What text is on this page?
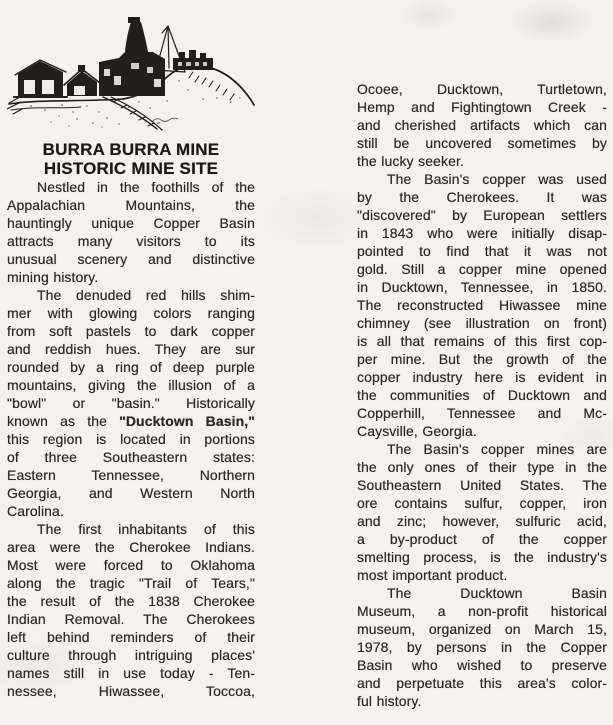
BURRA BURRA MINE
HISTORIC MINE SITE
Nestled in the foothills of the
Appalachian Mountains, the
hauntingly unique Copper Basin
attracts many visitors to its
unusual scenery and distinctive
mining history.
The denuded red hills shim-
mer with glowing colors ranging
from soft pastels to dark copper
and reddish hues. They are sur
rounded by a ring of deep purple
mountains, giving the illusion of a
"bowl" or "basin." Historically
known as the "Ducktown Basin,"
this region is located in portions
of three Southeastern states:
Eastern Tennessee, Northern
Georgia, and Western North
Carolina.
The first inhabitants of this
area were the Cherokee Indians.
Most were forced to Oklahoma
along the tragic "Trail of Tears,"
the result of the 1838 Cherokee
Indian Removal. The Cherokees
left behind reminders of their
culture through intriguing places'
names still in use today - Ten-
nessee, Hiwassee, Toccoa,
Ocoee, Ducktown, Turtletown,
Hemp and Fightingtown Creek -
and cherished artifacts which can
still be uncovered sometimes by
the lucky seeker.
The Basin's copper was used
by the Cherokees. It was
"discovered" by European settlers
in 1843 who were initially disap-
pointed to find that it was not
gold. Still a copper mine opened
in Ducktown, Tennessee, in 1850.
The reconstructed Hiwassee mine
chimney (see illustration on front)
is all that remains of this first cop-
per mine. But the growth of the
copper industry here is evident in
the communities of Ducktown and
Copperhill, Tennessee and Mc-
Caysville, Georgia.
The Basin's copper mines are
the only ones of their type in the
Southeastern United States. The
ore contains sulfur, copper, iron
and zinc; however, sulfuric acid,
a by-product of the copper
smelting process, is the industry's
most important product.
The Ducktown Basin
Museum, a non-profit historical
museum, organized on March 15,
1978, by persons in the Copper
Basin who wished to preserve
and perpetuate this area's color-
ful history.
